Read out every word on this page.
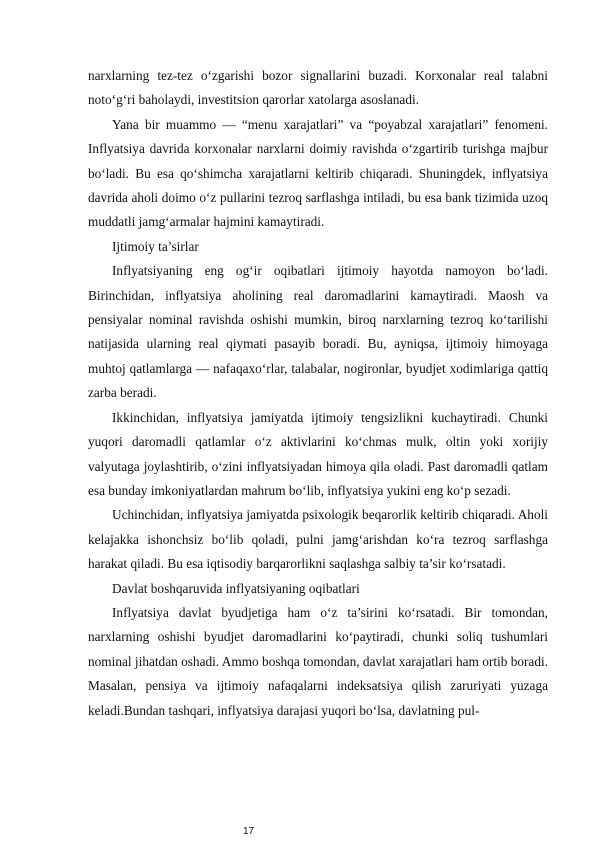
narxlarning tez-tez o‘zgarishi bozor signallarini buzadi. Korxonalar real talabni noto‘g‘ri baholaydi, investitsion qarorlar xatolarga asoslanadi.

Yana bir muammo — “menu xarajatlari” va “poyabzal xarajatlari” fenomeni. Inflyatsiya davrida korxonalar narxlarni doimiy ravishda o‘zgartirib turishga majbur bo‘ladi. Bu esa qo‘shimcha xarajatlarni keltirib chiqaradi. Shuningdek, inflyatsiya davrida aholi doimo o‘z pullarini tezroq sarflashga intiladi, bu esa bank tizimida uzoq muddatli jamg‘armalar hajmini kamaytiradi.

Ijtimoiy ta’sirlar

Inflyatsiyaning eng og‘ir oqibatlari ijtimoiy hayotda namoyon bo‘ladi. Birinchidan, inflyatsiya aholining real daromadlarini kamaytiradi. Maosh va pensiyalar nominal ravishda oshishi mumkin, biroq narxlarning tezroq ko‘tarilishi natijasida ularning real qiymati pasayib boradi. Bu, ayniqsa, ijtimoiy himoyaga muhtoj qatlamlarga — nafaqaxo‘rlar, talabalar, nogironlar, byudjet xodimlariga qattiq zarba beradi.

Ikkinchidan, inflyatsiya jamiyatda ijtimoiy tengsizlikni kuchaytiradi. Chunki yuqori daromadli qatlamlar o‘z aktivlarini ko‘chmas mulk, oltin yoki xorijiy valyutaga joylashtirib, o‘zini inflyatsiyadan himoya qila oladi. Past daromadli qatlam esa bunday imkoniyatlardan mahrum bo‘lib, inflyatsiya yukini eng ko‘p sezadi.

Uchinchidan, inflyatsiya jamiyatda psixologik beqarorlik keltirib chiqaradi. Aholi kelajakka ishonchsiz bo‘lib qoladi, pulni jamg‘arishdan ko‘ra tezroq sarflashga harakat qiladi. Bu esa iqtisodiy barqarorlikni saqlashga salbiy ta’sir ko‘rsatadi.

Davlat boshqaruvida inflyatsiyaning oqibatlari

Inflyatsiya davlat byudjetiga ham o‘z ta’sirini ko‘rsatadi. Bir tomondan, narxlarning oshishi byudjet daromadlarini ko‘paytiradi, chunki soliq tushumlari nominal jihatdan oshadi. Ammo boshqa tomondan, davlat xarajatlari ham ortib boradi. Masalan, pensiya va ijtimoiy nafaqalarni indeksatsiya qilish zaruriyati yuzaga keladi.Bundan tashqari, inflyatsiya darajasi yuqori bo‘lsa, davlatning pul-

17
